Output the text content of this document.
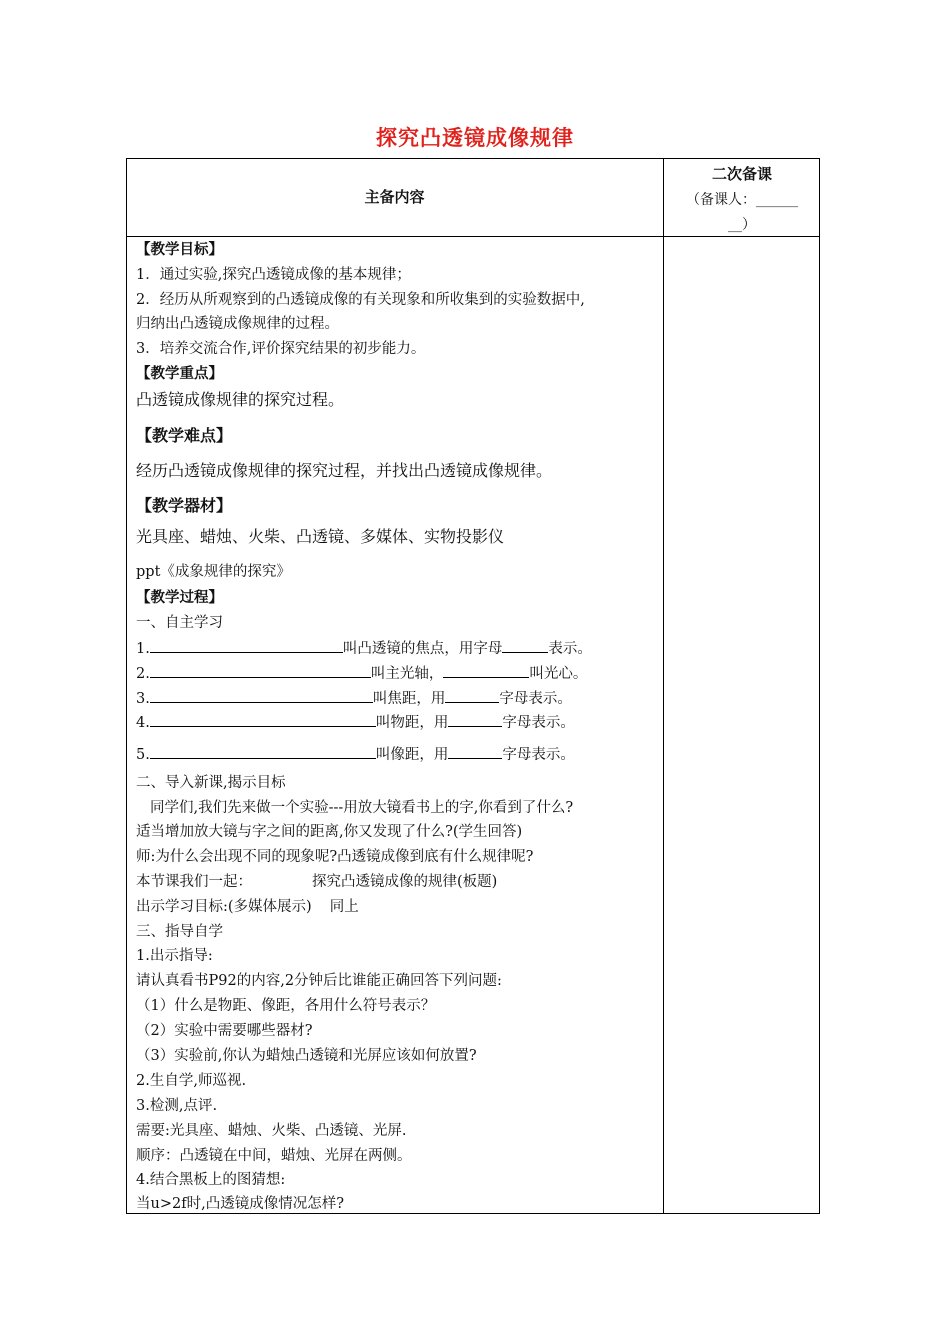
探究凸透镜成像规律
主备内容
二次备课
（备课人：______
__）
【教学目标】
1．通过实验,探究凸透镜成像的基本规律；
2．经历从所观察到的凸透镜成像的有关现象和所收集到的实验数据中,
归纳出凸透镜成像规律的过程。
3．培养交流合作,评价探究结果的初步能力。
【教学重点】
凸透镜成像规律的探究过程。
【教学难点】
经历凸透镜成像规律的探究过程，并找出凸透镜成像规律。
【教学器材】
光具座、蜡烛、火柴、凸透镜、多媒体、实物投影仪
ppt《成象规律的探究》
【教学过程】
一、自主学习
1.	叫凸透镜的焦点，用字母	表示。
2.	叫主光轴，	叫光心。
3.	叫焦距，用	字母表示。
4.	叫物距，用	字母表示。
5.	叫像距，用	字母表示。
二、导入新课,揭示目标
同学们,我们先来做一个实验---用放大镜看书上的字,你看到了什么?
适当增加放大镜与字之间的距离,你又发现了什么?(学生回答)
师:为什么会出现不同的现象呢?凸透镜成像到底有什么规律呢?
本节课我们一起：	探究凸透镜成像的规律(板题)
出示学习目标:(多媒体展示) 同上
三、指导自学
1.出示指导:
请认真看书P92的内容,2分钟后比谁能正确回答下列问题:
（1）什么是物距、像距，各用什么符号表示？
（2）实验中需要哪些器材?
（3）实验前,你认为蜡烛凸透镜和光屏应该如何放置?
2.生自学,师巡视.
3.检测,点评.
需要:光具座、蜡烛、火柴、凸透镜、光屏.
顺序：凸透镜在中间，蜡烛、光屏在两侧。
4.结合黑板上的图猜想:
当u>2f时,凸透镜成像情况怎样?
